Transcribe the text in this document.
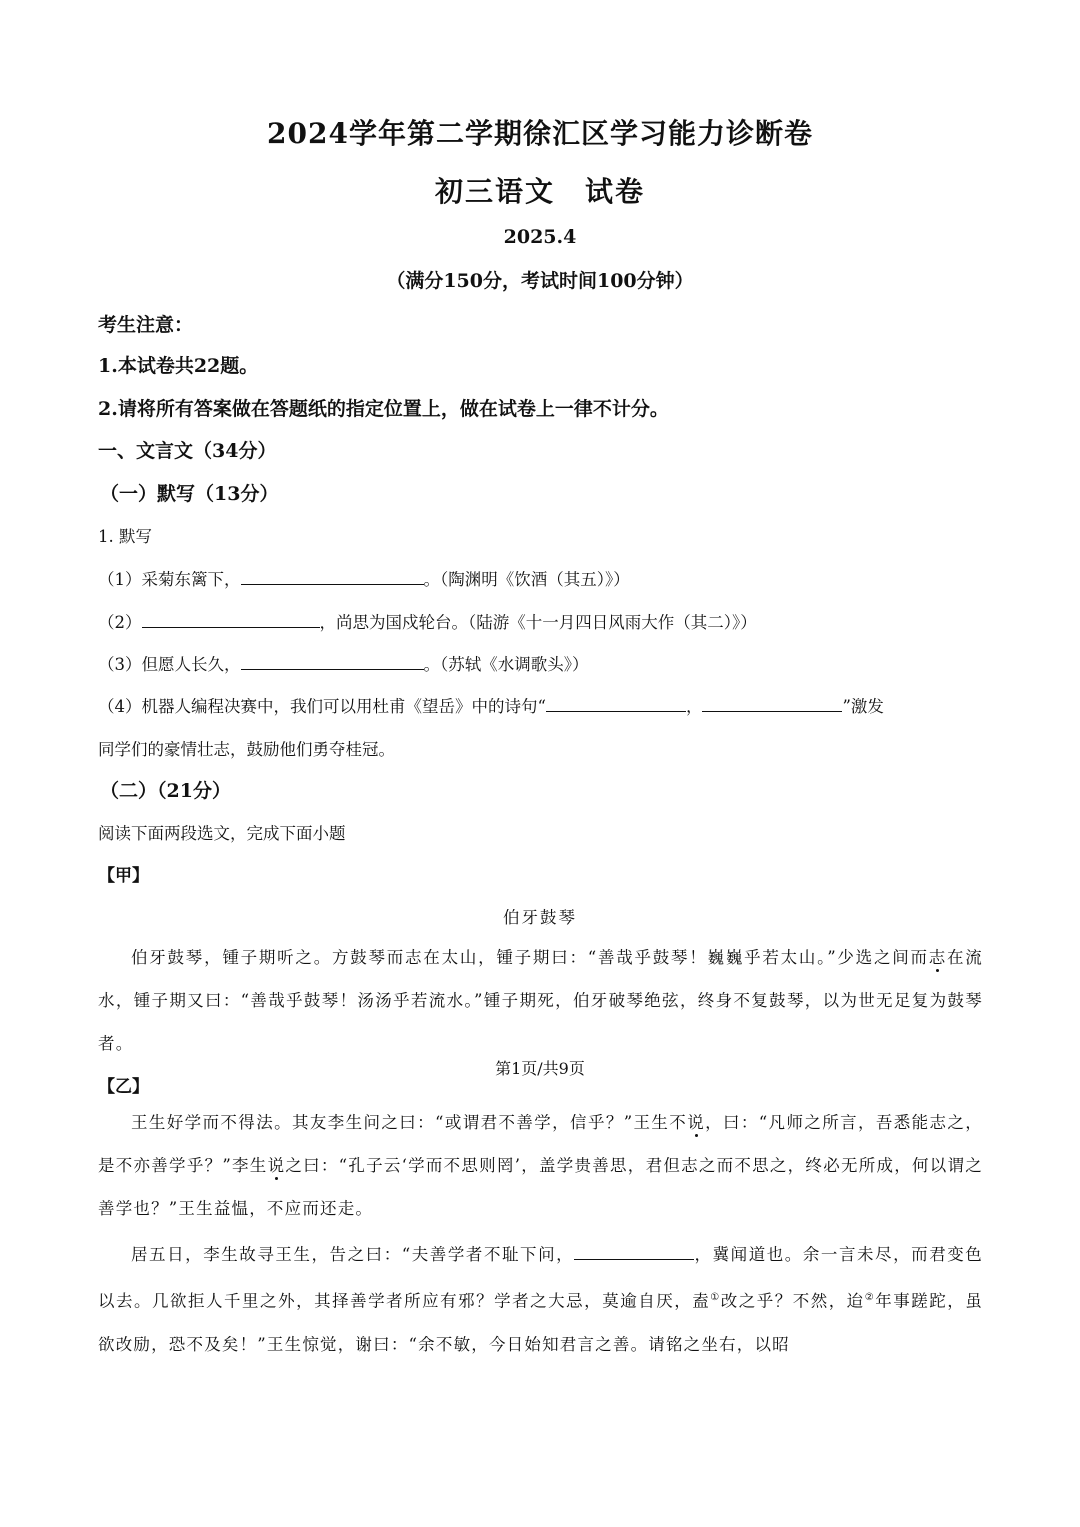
2024学年第二学期徐汇区学习能力诊断卷
初三语文　试卷
2025.4
（满分150分，考试时间100分钟）
考生注意：
1.本试卷共22题。
2.请将所有答案做在答题纸的指定位置上，做在试卷上一律不计分。
一、文言文（34分）
（一）默写（13分）
1. 默写
（1）采菊东篱下，	。（陶渊明《饮酒（其五）》）
（2）	，尚思为国戍轮台。（陆游《十一月四日风雨大作（其二）》）
（3）但愿人长久，	。（苏轼《水调歌头》）
（4）机器人编程决赛中，我们可以用杜甫《望岳》中的诗句“	，	”激发
同学们的豪情壮志，鼓励他们勇夺桂冠。
（二）（21分）
阅读下面两段选文，完成下面小题
【甲】
伯牙鼓琴
伯牙鼓琴，锺子期听之。方鼓琴而志在太山，锺子期曰：“善哉乎鼓琴！巍巍乎若太山。”少选之间而志在流水，锺子期又曰：“善哉乎鼓琴！汤汤乎若流水。”锺子期死，伯牙破琴绝弦，终身不复鼓琴，以为世无足复为鼓琴者。
【乙】
王生好学而不得法。其友李生问之曰：“或谓君不善学，信乎？”王生不说，曰：“凡师之所言，吾悉能志之，是不亦善学乎？”李生说之曰：“孔子云‘学而不思则罔’，盖学贵善思，君但志之而不思之，终必无所成，何以谓之善学也？”王生益愠，不应而还走。
居五日，李生故寻王生，告之曰：“夫善学者不耻下问，	，冀闻道也。余一言未尽，而君变色以去。几欲拒人千里之外，其择善学者所应有邪？学者之大忌，莫逾自厌，盍①改之乎？不然，迨②年事蹉跎，虽欲改励，恐不及矣！”王生惊觉，谢曰：“余不敏，今日始知君言之善。请铭之坐右，以昭
第1页/共9页
